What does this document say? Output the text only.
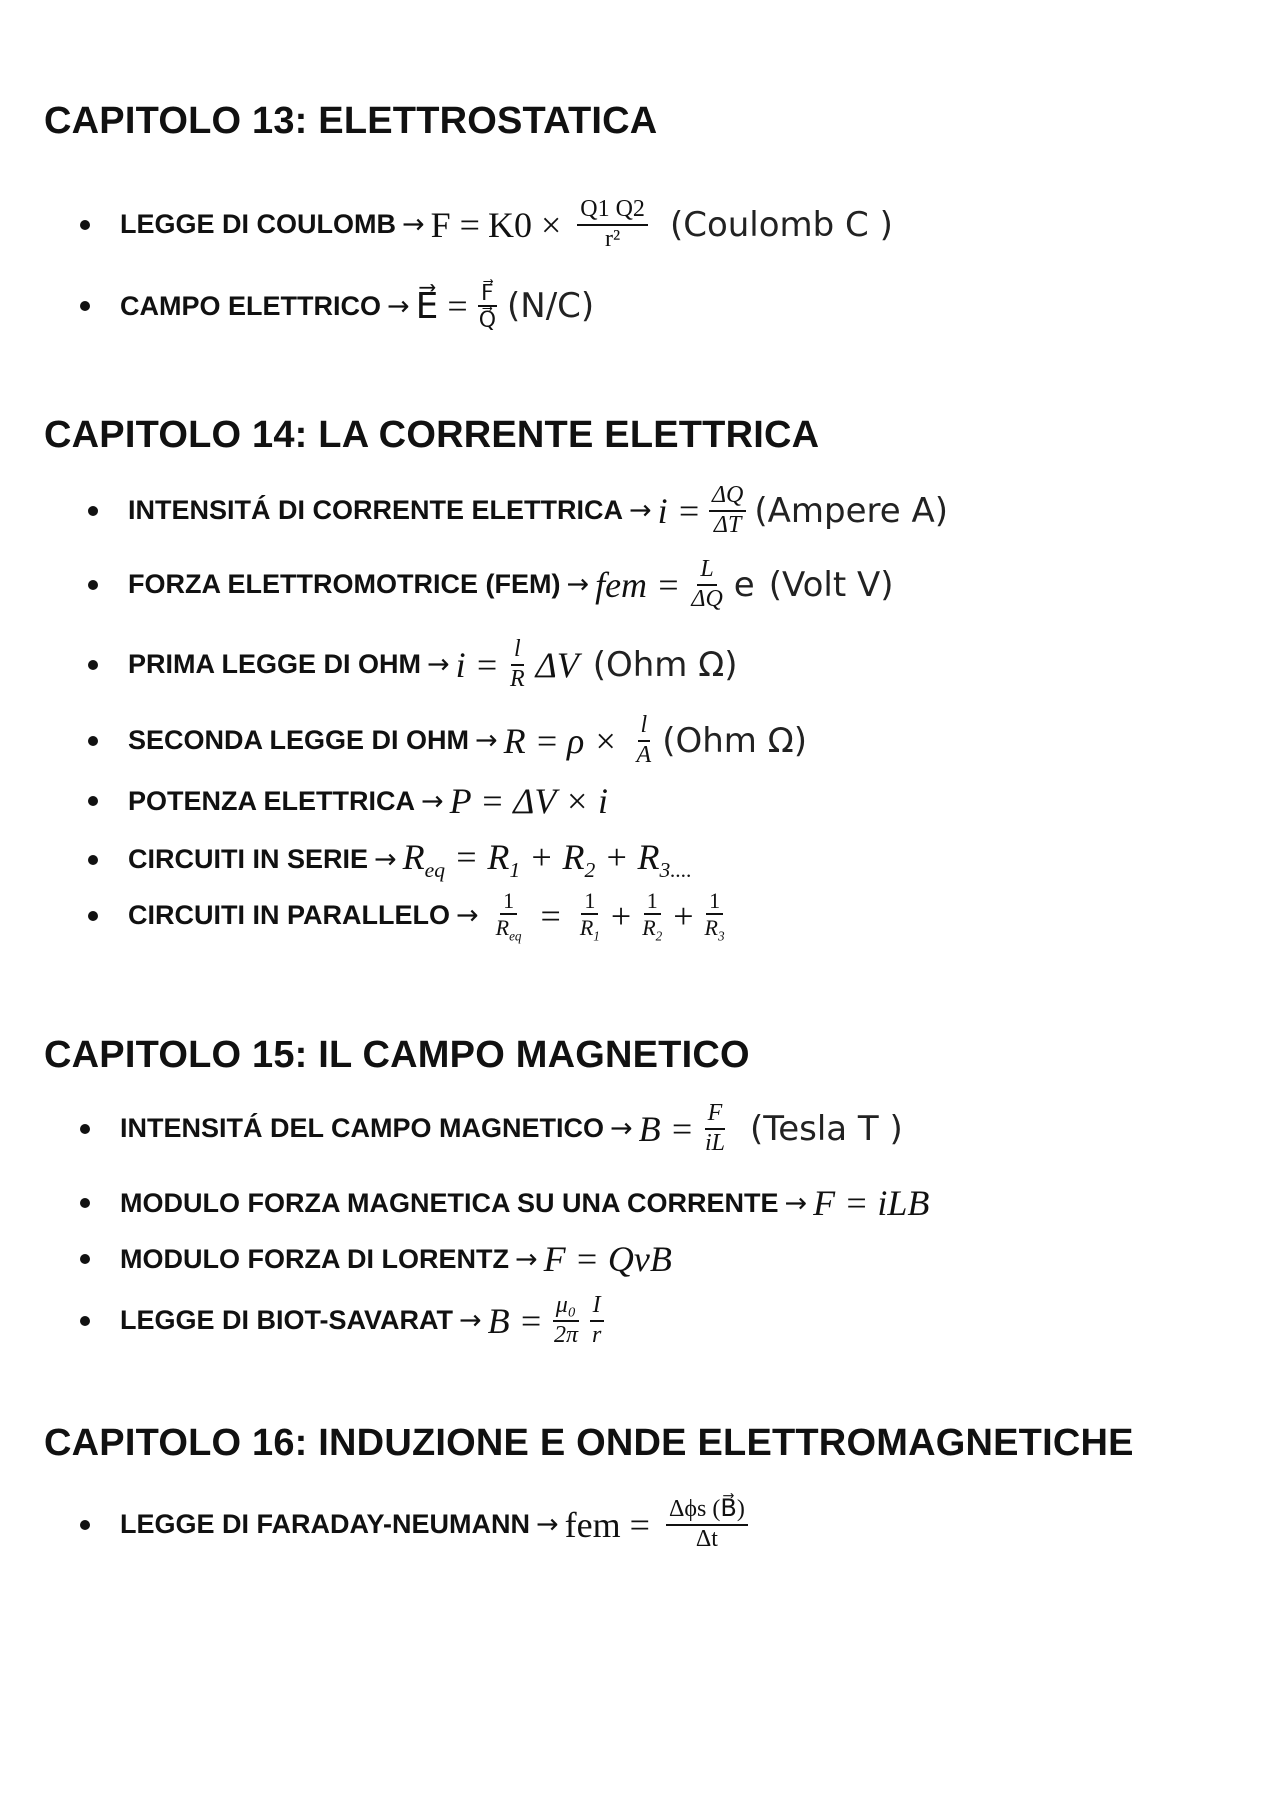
CAPITOLO 13: ELETTROSTATICA
LEGGE DI COULOMB → $F = K0 \times \frac{Q1 Q2}{\text{r²}}$ (Coulomb C )
CAMPO ELETTRICO → E⃗ = $\frac{F⃗}{Q⃗} (N/C)$
CAPITOLO 14: LA CORRENTE ELETTRICA
INTENSITÁ DI CORRENTE ELETTRICA → $i = \frac{\Delta Q}{\Delta T}$ (Ampere A)
FORZA ELETTROMOTRICE (FEM) → fem = $\frac{L}{\Delta Q}$ e (Volt V)
PRIMA LEGGE DI OHM → $i = \frac{l}{R}$ ΔV (Ohm Ω)
SECONDA LEGGE DI OHM → $R = \rho \times \frac{l}{A} (Ohm$ Ω)
POTENZA ELETTRICA → P = ΔV × i
CIRCUITI IN SERIE → $R_{eq} = R_1 + R_2 + R_{3....}$
CIRCUITI IN PARALLELO → $\frac{1}{R_{eq}} = \frac{1}{R_1} + \frac{1}{R_2} + \frac{1}{R_3}$
CAPITOLO 15: IL CAMPO MAGNETICO
INTENSITÁ DEL CAMPO MAGNETICO → $B = \frac{F}{iL}$ (Tesla T )
MODULO FORZA MAGNETICA SU UNA CORRENTE → F = iLB
MODULO FORZA DI LORENTZ → F = QvB
LEGGE DI BIOT-SAVARAT → $B = \frac{\text{μ₀}}{2\pi} \frac{I}{r}$
CAPITOLO 16: INDUZIONE E ONDE ELETTROMAGNETICHE
LEGGE DI FARADAY-NEUMANN → fem = $\frac{\text{Δϕs (B⃗)}}{\Delta t}$
